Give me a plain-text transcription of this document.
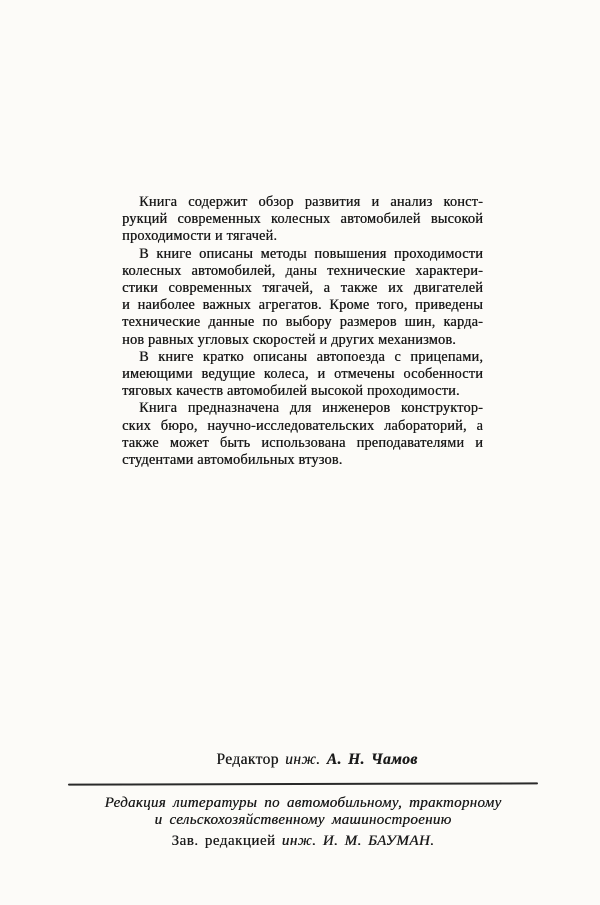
Книга содержит обзор развития и анализ конст-
рукций современных колесных автомобилей высокой
проходимости и тягачей.
В книге описаны методы повышения проходимости
колесных автомобилей, даны технические характери-
стики современных тягачей, а также их двигателей
и наиболее важных агрегатов. Кроме того, приведены
технические данные по выбору размеров шин, карда-
нов равных угловых скоростей и других механизмов.
В книге кратко описаны автопоезда с прицепами,
имеющими ведущие колеса, и отмечены особенности
тяговых качеств автомобилей высокой проходимости.
Книга предназначена для инженеров конструктор-
ских бюро, научно-исследовательских лабораторий, а
также может быть использована преподавателями и
студентами автомобильных втузов.
Редактор инж. А. Н. Чамов
Редакция литературы по автомобильному, тракторному
и сельскохозяйственному машиностроению
Зав. редакцией инж. И. М. БАУМАН.
